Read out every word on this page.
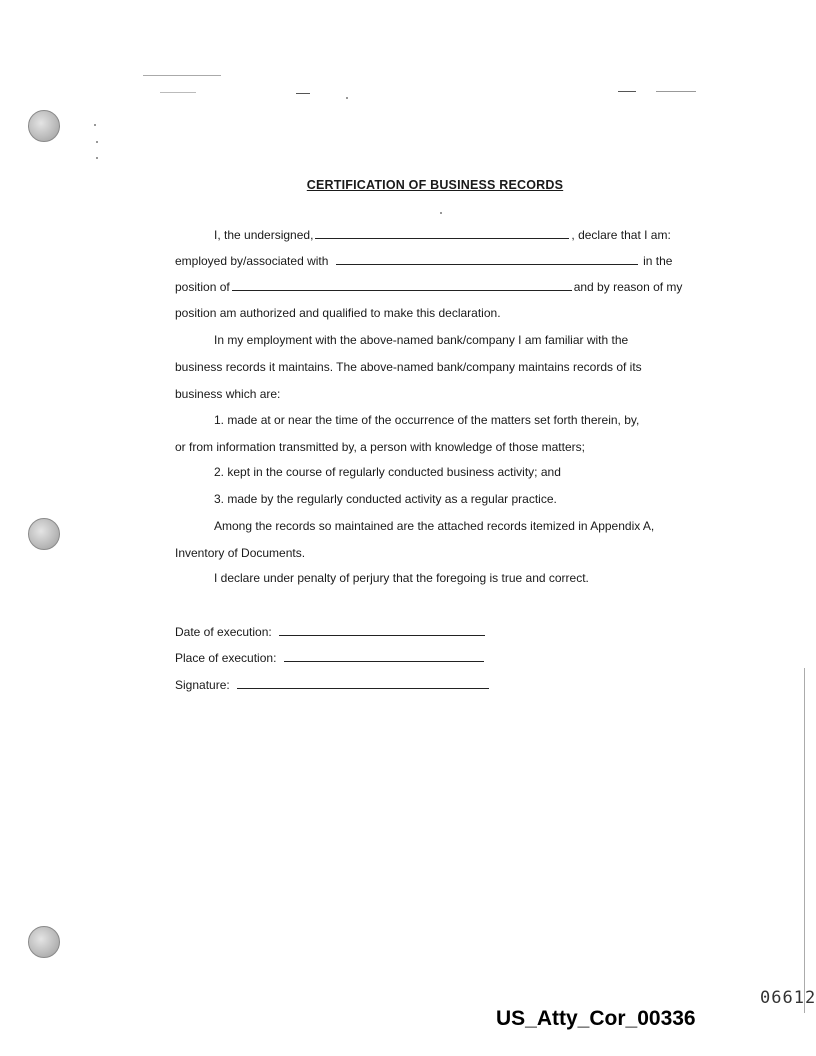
CERTIFICATION OF BUSINESS RECORDS
I, the undersigned,	, declare that I am:
employed by/associated with	in the
position of	and by reason of my
position am authorized and qualified to make this declaration.
In my employment with the above-named bank/company I am familiar with the
business records it maintains. The above-named bank/company maintains records of its
business which are:
1. made at or near the time of the occurrence of the matters set forth therein, by,
or from information transmitted by, a person with knowledge of those matters;
2. kept in the course of regularly conducted business activity; and
3. made by the regularly conducted activity as a regular practice.
Among the records so maintained are the attached records itemized in Appendix A,
Inventory of Documents.
I declare under penalty of perjury that the foregoing is true and correct.
Date of execution:
Place of execution:
Signature:
06612
US_Atty_Cor_00336
